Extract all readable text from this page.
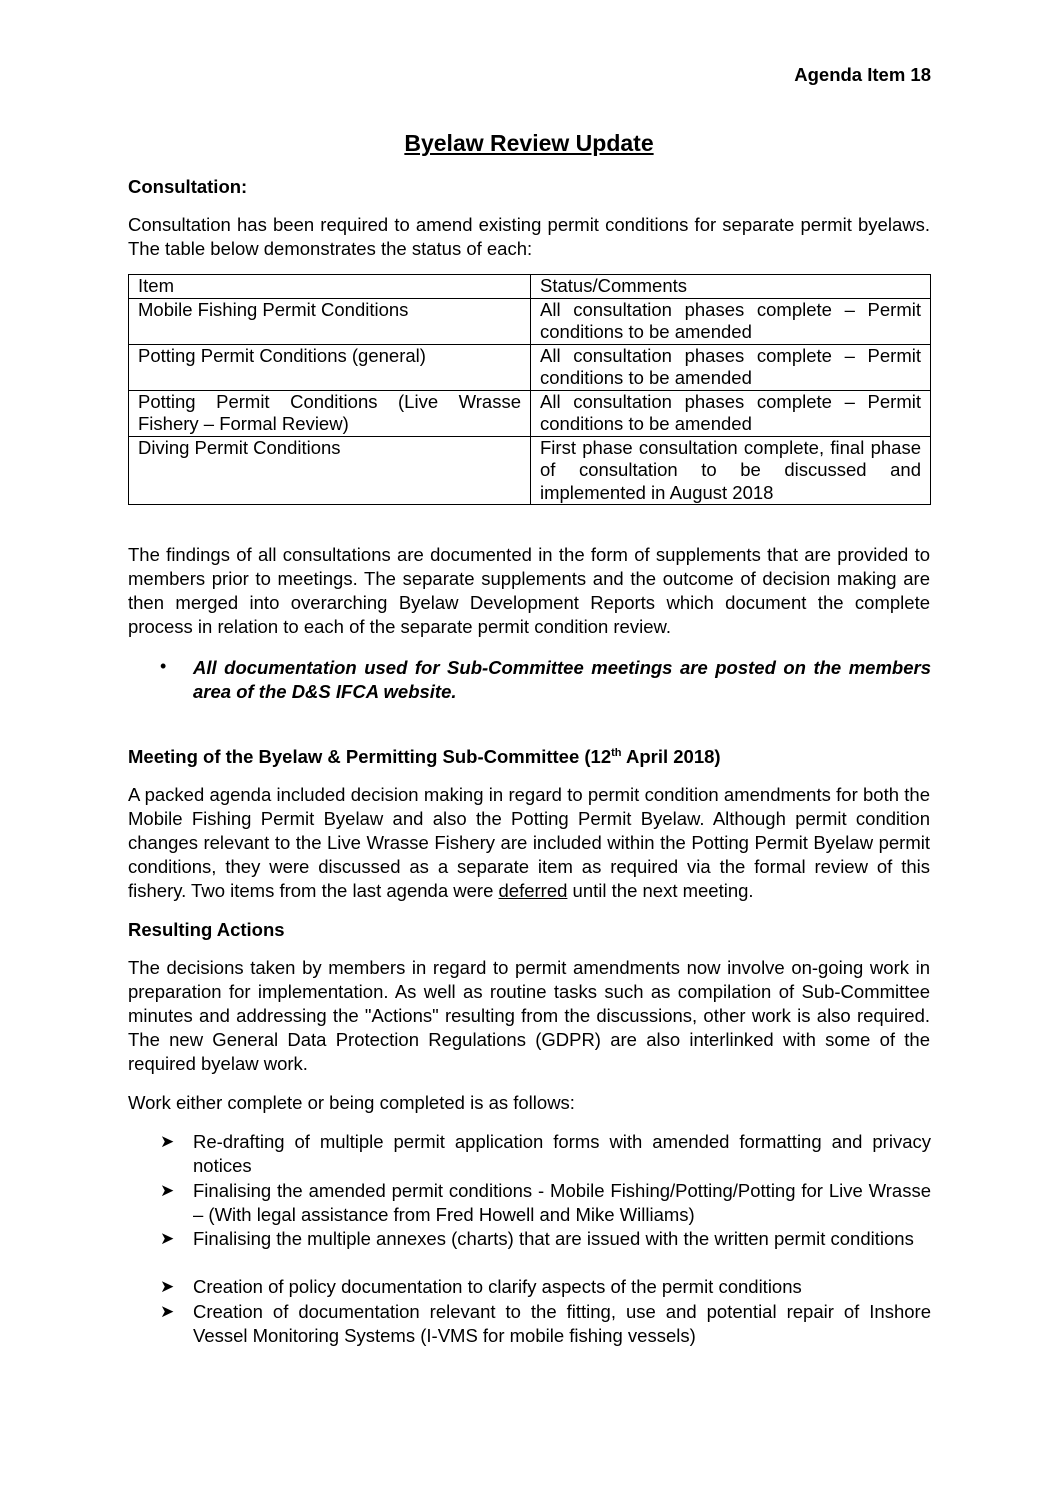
Agenda Item 18
Byelaw Review Update
Consultation:
Consultation has been required to amend existing permit conditions for separate permit byelaws. The table below demonstrates the status of each:
Item	Status/Comments
Mobile Fishing Permit Conditions	All consultation phases complete – Permit conditions to be amended
Potting Permit Conditions (general)	All consultation phases complete – Permit conditions to be amended
Potting Permit Conditions (Live Wrasse Fishery – Formal Review)	All consultation phases complete – Permit conditions to be amended
Diving Permit Conditions	First phase consultation complete, final phase of consultation to be discussed and implemented in August 2018
The findings of all consultations are documented in the form of supplements that are provided to members prior to meetings. The separate supplements and the outcome of decision making are then merged into overarching Byelaw Development Reports which document the complete process in relation to each of the separate permit condition review.
• All documentation used for Sub-Committee meetings are posted on the members area of the D&S IFCA website.
Meeting of the Byelaw & Permitting Sub-Committee (12th April 2018)
A packed agenda included decision making in regard to permit condition amendments for both the Mobile Fishing Permit Byelaw and also the Potting Permit Byelaw. Although permit condition changes relevant to the Live Wrasse Fishery are included within the Potting Permit Byelaw permit conditions, they were discussed as a separate item as required via the formal review of this fishery. Two items from the last agenda were deferred until the next meeting.
Resulting Actions
The decisions taken by members in regard to permit amendments now involve on-going work in preparation for implementation. As well as routine tasks such as compilation of Sub-Committee minutes and addressing the "Actions" resulting from the discussions, other work is also required. The new General Data Protection Regulations (GDPR) are also interlinked with some of the required byelaw work.
Work either complete or being completed is as follows:
➤ Re-drafting of multiple permit application forms with amended formatting and privacy notices
➤ Finalising the amended permit conditions - Mobile Fishing/Potting/Potting for Live Wrasse – (With legal assistance from Fred Howell and Mike Williams)
➤ Finalising the multiple annexes (charts) that are issued with the written permit conditions
➤ Creation of policy documentation to clarify aspects of the permit conditions
➤ Creation of documentation relevant to the fitting, use and potential repair of Inshore Vessel Monitoring Systems (I-VMS for mobile fishing vessels)
